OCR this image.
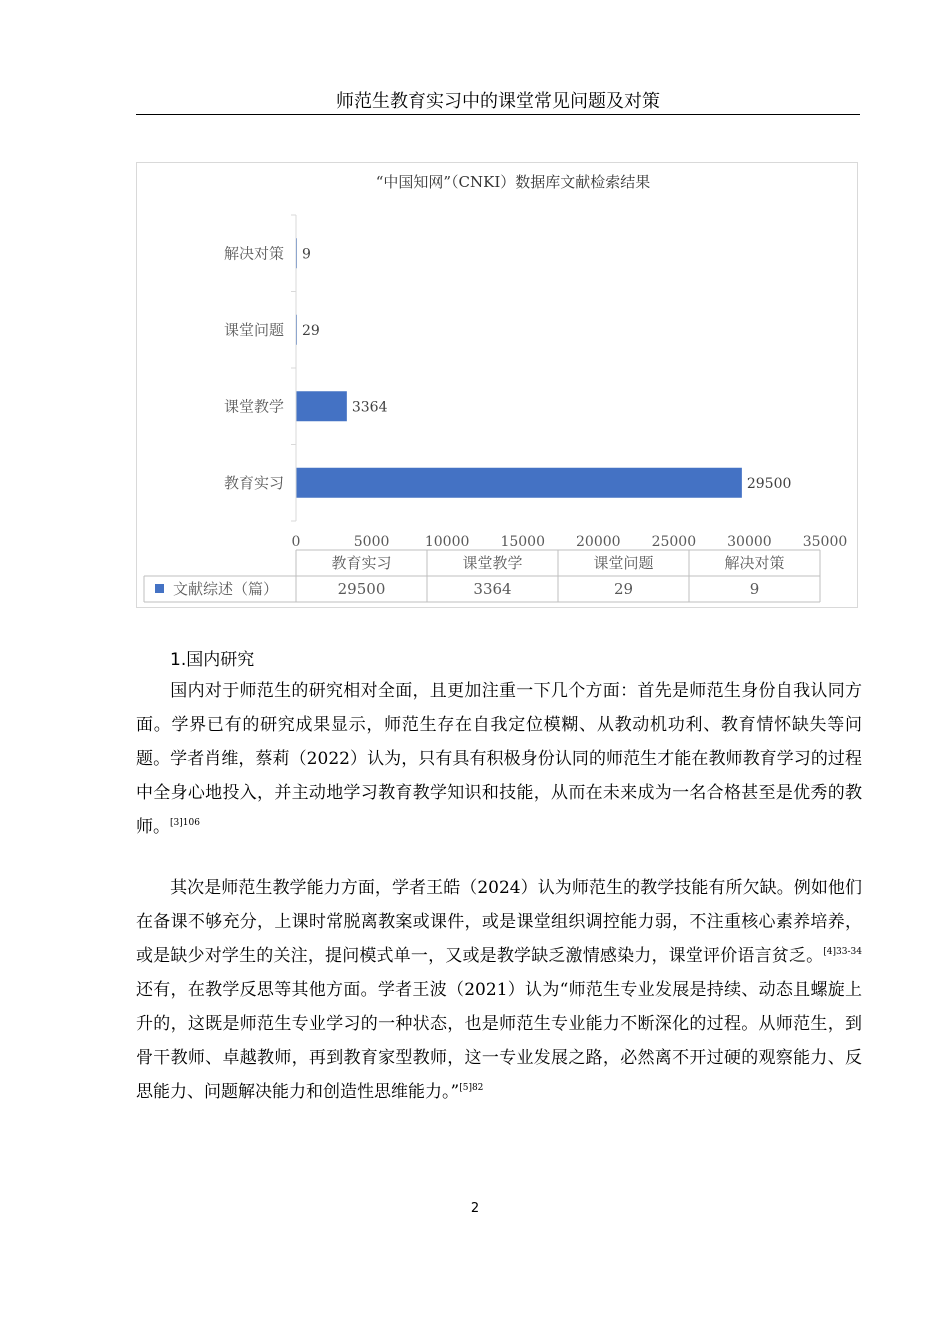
师范生教育实习中的课堂常见问题及对策
“中国知网”（CNKI）数据库文献检索结果
教育实习
课堂教学
课堂问题
解决对策
29500
3364
29
9
0	5000	10000 15000 20000 25000 30000 35000
教育实习
29500
课堂教学
3364
课堂问题
29
解决对策
9
文献综述（篇）
1.国内研究

国内对于师范生的研究相对全面，且更加注重一下几个方面：首先是师范生身份自我认同方面。学界已有的研究成果显示，师范生存在自我定位模糊、从教动机功利、教育情怀缺失等问题。学者肖维，蔡莉（2022）认为，只有具有积极身份认同的师范生才能在教师教育学习的过程中全身心地投入，并主动地学习教育教学知识和技能，从而在未来成为一名合格甚至是优秀的教师。$^{[3]106}$

其次是师范生教学能力方面，学者王皓（2024）认为师范生的教学技能有所欠缺。例如他们在备课不够充分，上课时常脱离教案或课件，或是课堂组织调控能力弱，不注重核心素养培养，或是缺少对学生的关注，提问模式单一，又或是教学缺乏激情感染力，课堂评价语言贫乏。$^{[4]33-34}$还有，在教学反思等其他方面。学者王波（2021）认为“师范生专业发展是持续、动态且螺旋上升的，这既是师范生专业学习的一种状态，也是师范生专业能力不断深化的过程。从师范生，到骨干教师、卓越教师，再到教育家型教师，这一专业发展之路，必然离不开过硬的观察能力、反思能力、问题解决能力和创造性思维能力。”$^{[5]82}$

2
